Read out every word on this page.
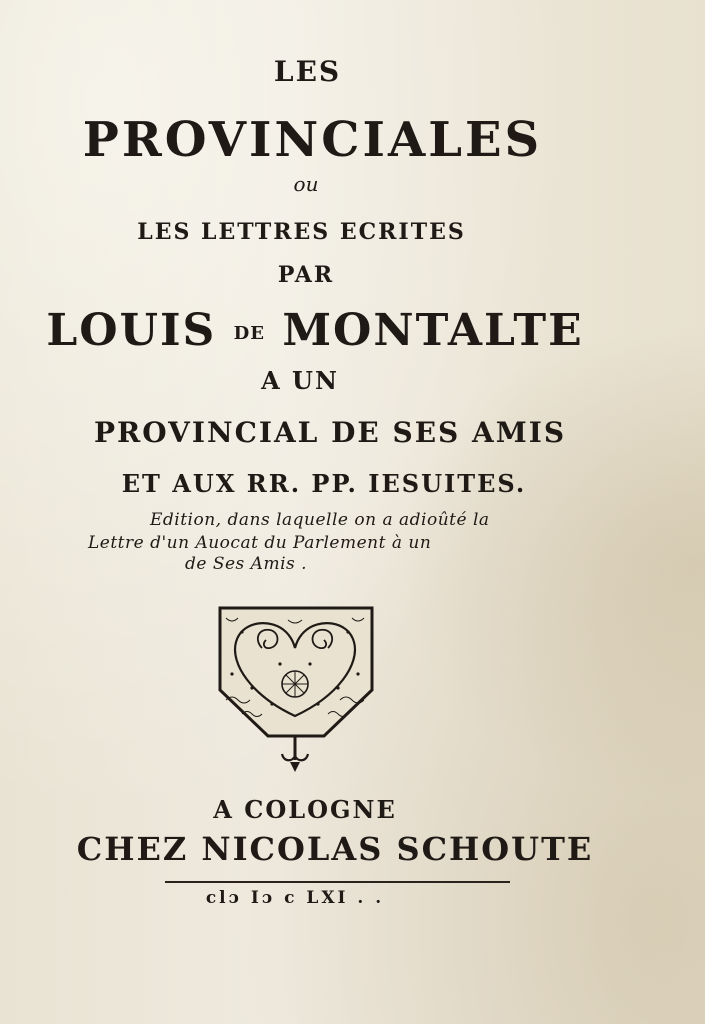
LES
PROVINCIALES
ou
LES LETTRES ECRITES
PAR
LOUIS DE MONTALTE
A UN
PROVINCIAL DE SES AMIS
ET AUX RR. PP. IESUITES.
Edition, dans laquelle on a adioûté la
Lettre d'un Auocat du Parlement à un
de Ses Amis .
A COLOGNE
CHEZ NICOLAS SCHOUTE
clɔ Iɔ c LXI . .
